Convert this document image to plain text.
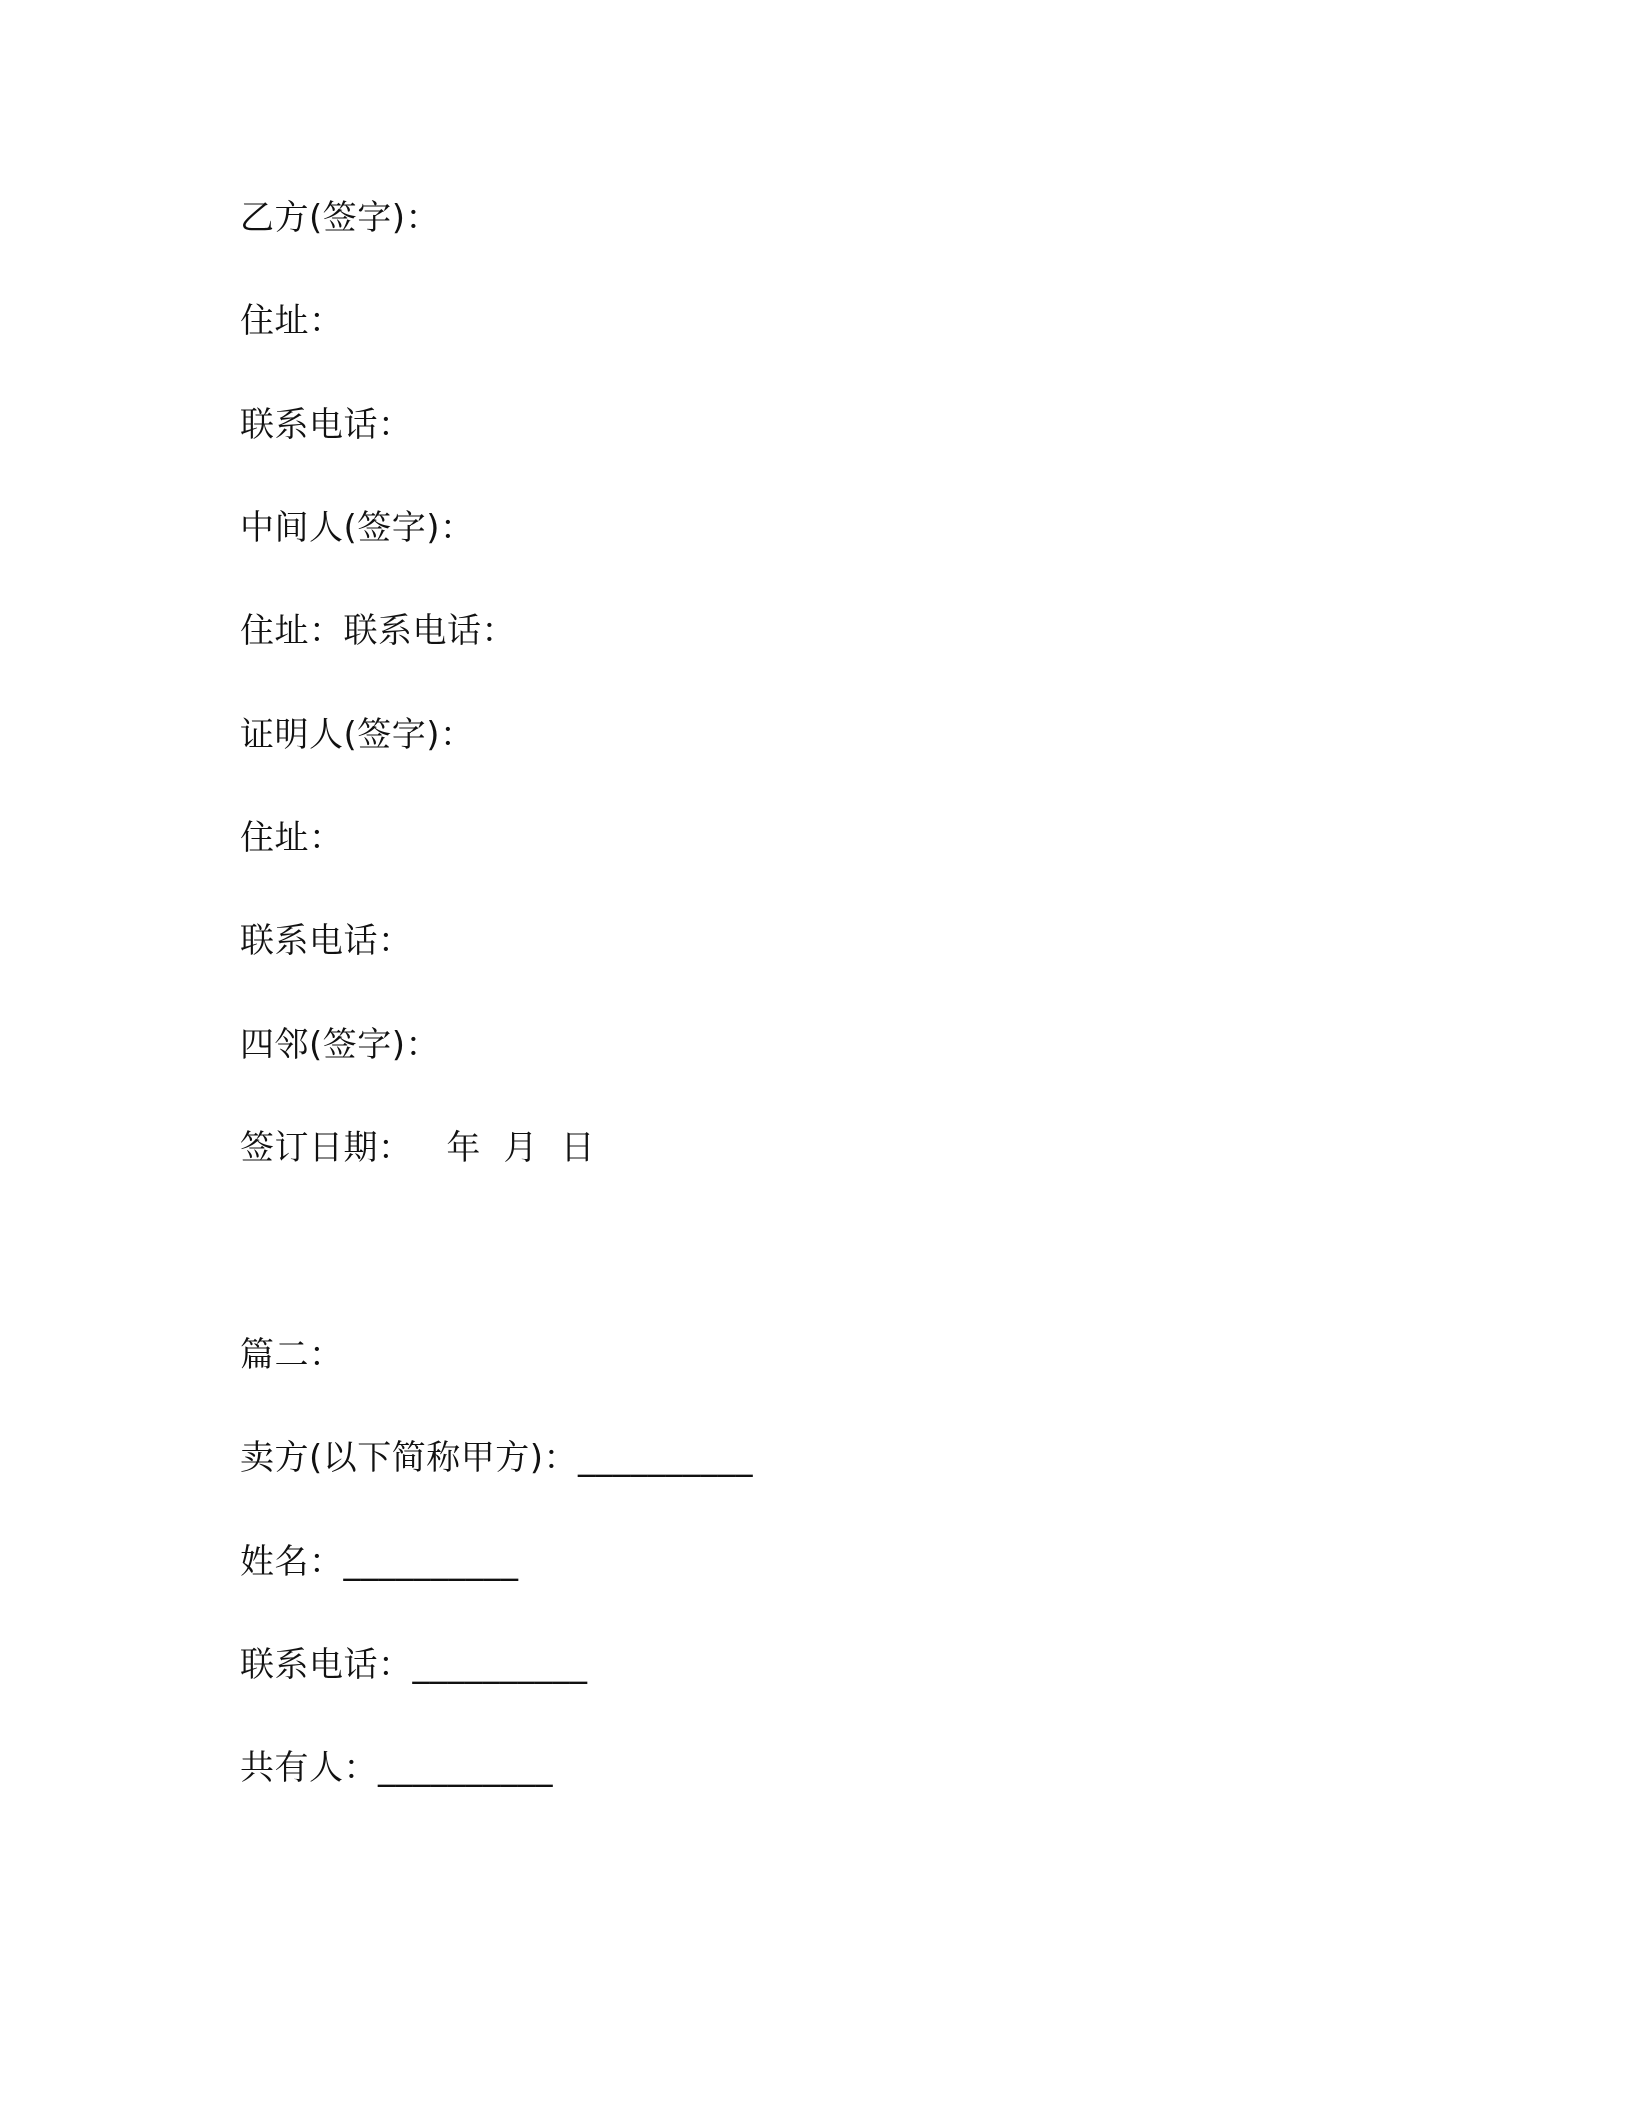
乙方(签字)：
住址：
联系电话：
中间人(签字)：
住址：联系电话：
证明人(签字)：
住址：
联系电话：
四邻(签字)：
签订日期：   年  月  日
篇二：
卖方(以下简称甲方)：__________
姓名：__________
联系电话：__________
共有人：__________
